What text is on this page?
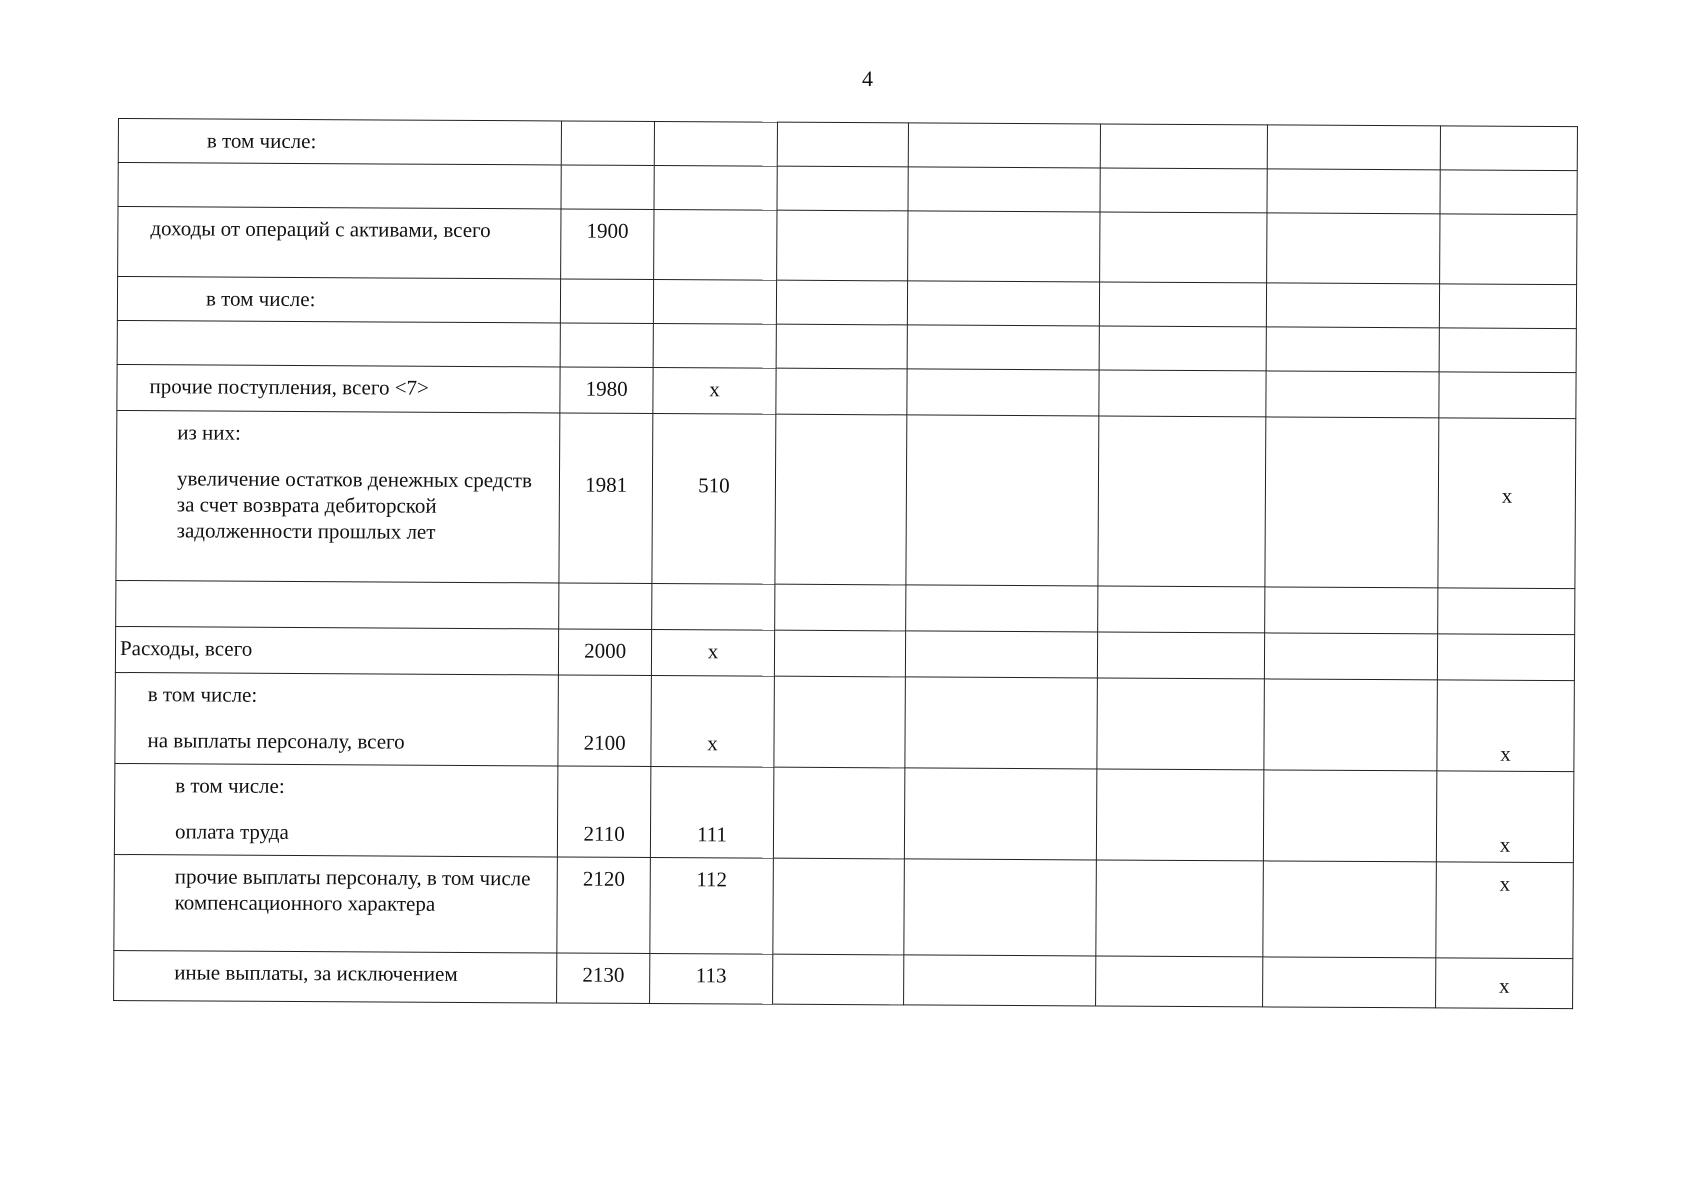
4
в том числе:							

доходы от операций с активами, всего	1900						
в том числе:							

прочие поступления, всего <7>	1980	x					

из них:
увеличение остатков денежных средств за счет возврата дебиторской задолженности прошлых лет	1981	510					x

Расходы, всего	2000	x					

в том числе:
на выплаты персоналу, всего	2100	x					x

в том числе:
оплата труда	2110	111					x
прочие выплаты персоналу, в том числе компенсационного характера	2120	112					x
иные выплаты, за исключением	2130	113					x
